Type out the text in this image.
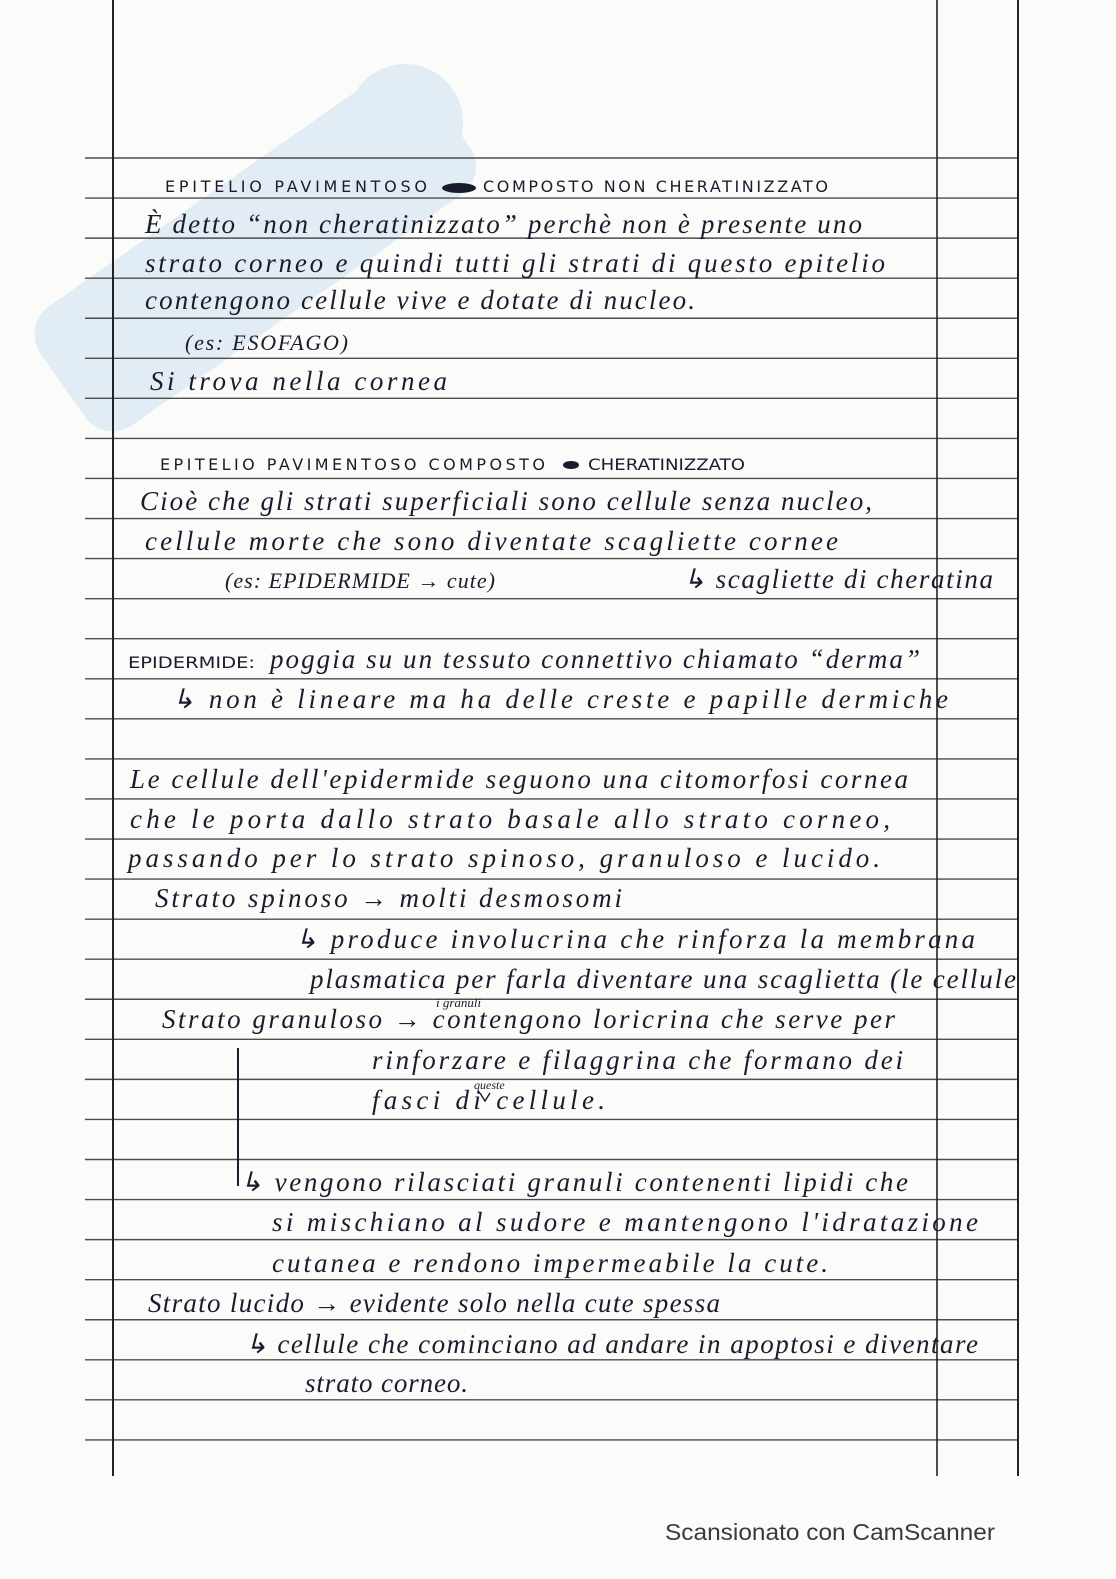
EPITELIO PAVIMENTOSO	COMPOSTO NON CHERATINIZZATO
È detto “non cheratinizzato” perchè non è presente uno
strato corneo e quindi tutti gli strati di questo epitelio
contengono cellule vive e dotate di nucleo.
(es: ESOFAGO)
Si trova nella cornea
EPITELIO PAVIMENTOSO COMPOSTO	CHERATINIZZATO
Cioè che gli strati superficiali sono cellule senza nucleo,
cellule morte che sono diventate scagliette cornee
(es: EPIDERMIDE → cute)	↳ scagliette di cheratina
EPIDERMIDE: poggia su un tessuto connettivo chiamato “derma”
↳ non è lineare ma ha delle creste e papille dermiche
Le cellule dell'epidermide seguono una citomorfosi cornea
che le porta dallo strato basale allo strato corneo,
passando per lo strato spinoso, granuloso e lucido.
Strato spinoso → molti desmosomi
↳ produce involucrina che rinforza la membrana
plasmatica per farla diventare una scaglietta (le cellule
i granuli
Strato granuloso → contengono loricrina che serve per
rinforzare e filaggrina che formano dei
queste
fasci di cellule.
↳ vengono rilasciati granuli contenenti lipidi che
si mischiano al sudore e mantengono l'idratazione
cutanea e rendono impermeabile la cute.
Strato lucido → evidente solo nella cute spessa
↳ cellule che cominciano ad andare in apoptosi e diventare
strato corneo.
Scansionato con CamScanner
